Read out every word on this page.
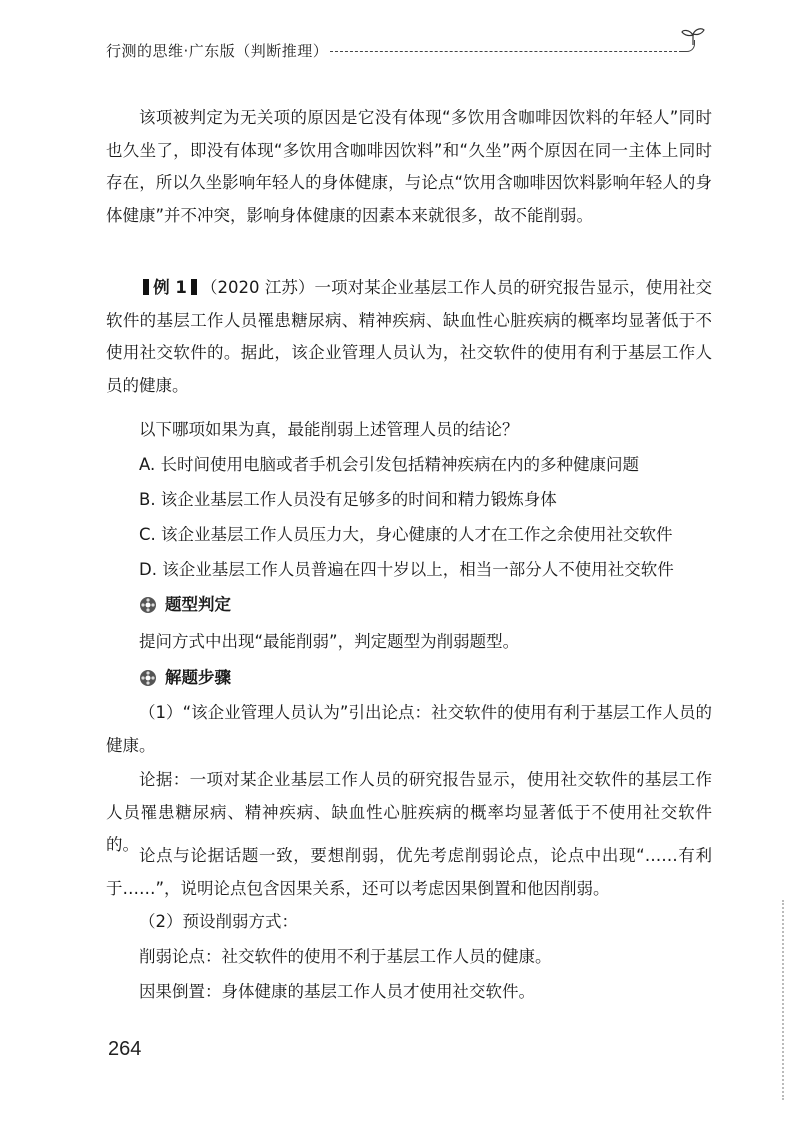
行测的思维·广东版（判断推理）

该项被判定为无关项的原因是它没有体现“多饮用含咖啡因饮料的年轻人”同时也久坐了，即没有体现“多饮用含咖啡因饮料”和“久坐”两个原因在同一主体上同时存在，所以久坐影响年轻人的身体健康，与论点“饮用含咖啡因饮料影响年轻人的身体健康”并不冲突，影响身体健康的因素本来就很多，故不能削弱。

例 1 （2020 江苏）一项对某企业基层工作人员的研究报告显示，使用社交软件的基层工作人员罹患糖尿病、精神疾病、缺血性心脏疾病的概率均显著低于不使用社交软件的。据此，该企业管理人员认为，社交软件的使用有利于基层工作人员的健康。

以下哪项如果为真，最能削弱上述管理人员的结论？

A. 长时间使用电脑或者手机会引发包括精神疾病在内的多种健康问题

B. 该企业基层工作人员没有足够多的时间和精力锻炼身体

C. 该企业基层工作人员压力大，身心健康的人才在工作之余使用社交软件

D. 该企业基层工作人员普遍在四十岁以上，相当一部分人不使用社交软件

题型判定

提问方式中出现“最能削弱”，判定题型为削弱题型。

解题步骤

（1）“该企业管理人员认为”引出论点：社交软件的使用有利于基层工作人员的健康。

论据：一项对某企业基层工作人员的研究报告显示，使用社交软件的基层工作人员罹患糖尿病、精神疾病、缺血性心脏疾病的概率均显著低于不使用社交软件的。

论点与论据话题一致，要想削弱，优先考虑削弱论点，论点中出现“……有利于……”，说明论点包含因果关系，还可以考虑因果倒置和他因削弱。

（2）预设削弱方式：

削弱论点：社交软件的使用不利于基层工作人员的健康。

因果倒置：身体健康的基层工作人员才使用社交软件。

264
